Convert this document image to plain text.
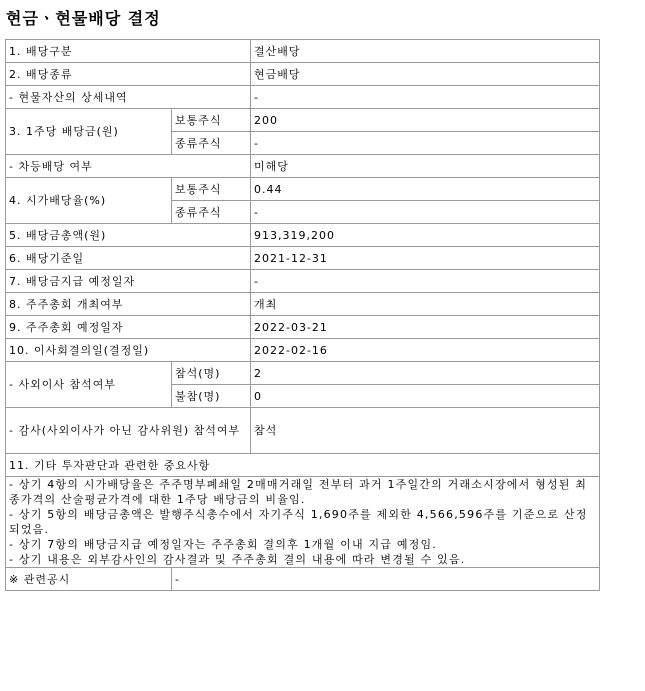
현금ㆍ현물배당 결정
1. 배당구분		결산배당
2. 배당종류		현금배당
- 현물자산의 상세내역		-
3. 1주당 배당금(원)	보통주식	200
	종류주식	-
- 차등배당 여부		미해당
4. 시가배당율(%)	보통주식	0.44
	종류주식	-
5. 배당금총액(원)		913,319,200
6. 배당기준일		2021-12-31
7. 배당금지급 예정일자		-
8. 주주총회 개최여부		개최
9. 주주총회 예정일자		2022-03-21
10. 이사회결의일(결정일)		2022-02-16
- 사외이사 참석여부	참석(명)	2
	불참(명)	0
- 감사(사외이사가 아닌 감사위원) 참석여부		참석
11. 기타 투자판단과 관련한 중요사항		

- 상기 4항의 시가배당율은 주주명부폐쇄일 2매매거래일 전부터 과거 1주일간의 거래소시장에서 형성된 최종가격의 산술평균가격에 대한 1주당 배당금의 비율임.
- 상기 5항의 배당금총액은 발행주식총수에서 자기주식 1,690주를 제외한 4,566,596주를 기준으로 산정되었음.
- 상기 7항의 배당금지급 예정일자는 주주총회 결의후 1개월 이내 지급 예정임.
- 상기 내용은 외부감사인의 감사결과 및 주주총회 결의 내용에 따라 변경될 수 있음.		

※ 관련공시	-	
